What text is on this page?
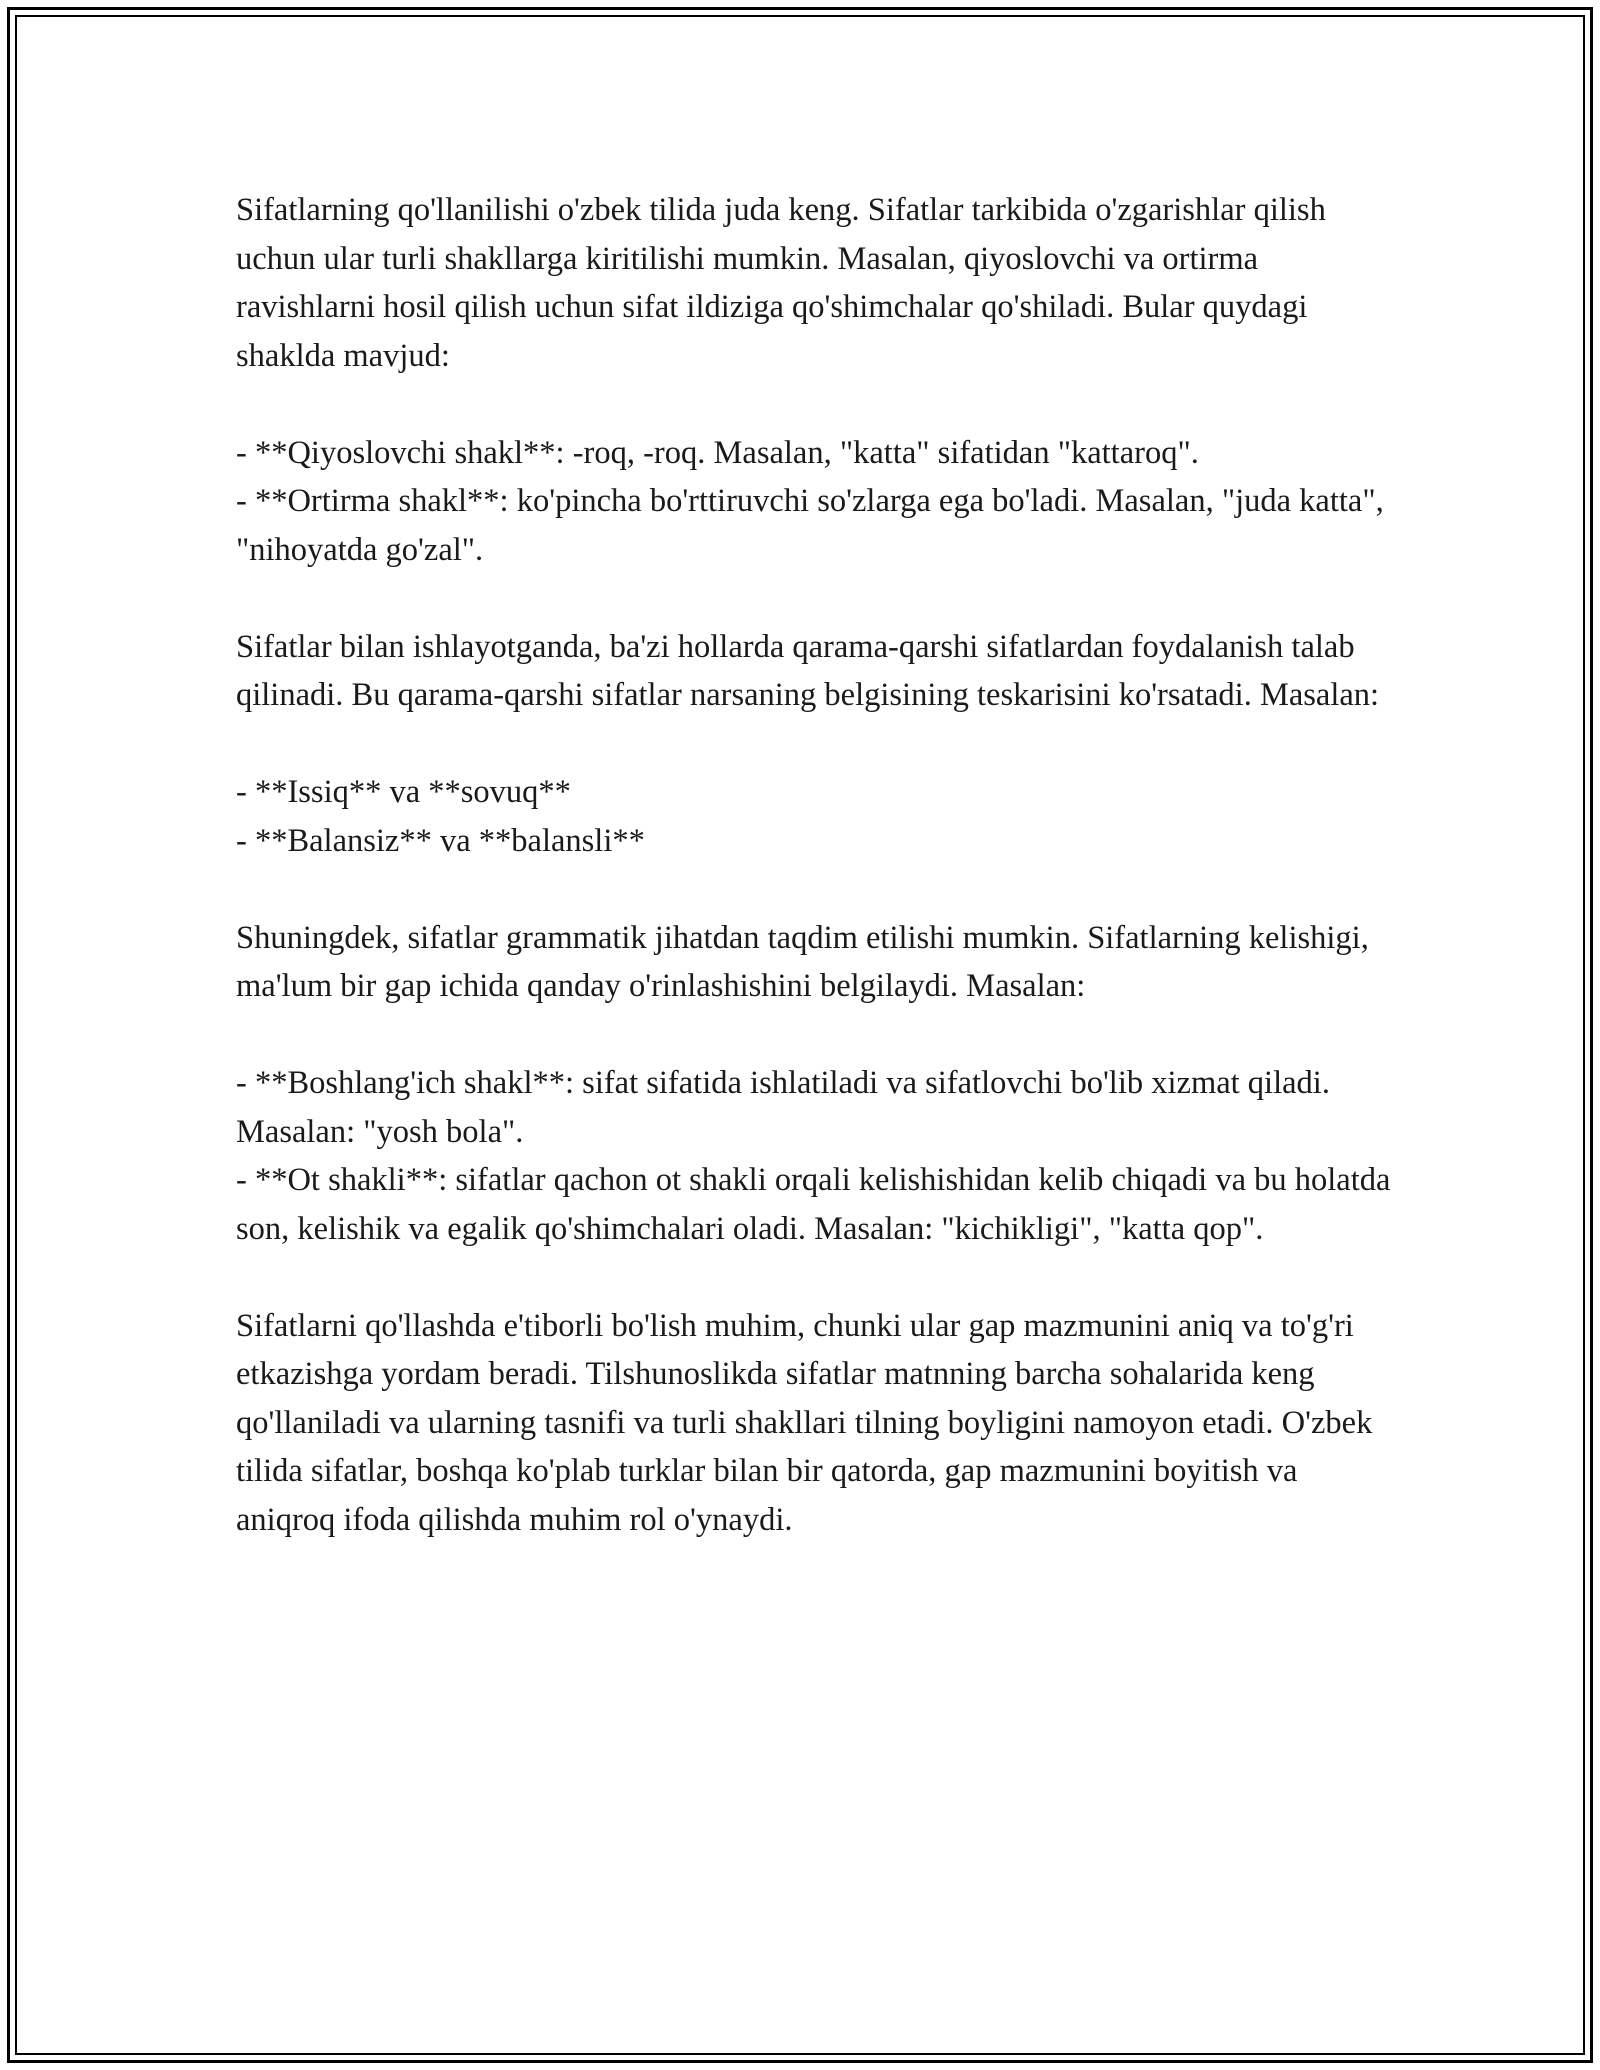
Sifatlarning qo'llanilishi o'zbek tilida juda keng. Sifatlar tarkibida o'zgarishlar qilish uchun ular turli shakllarga kiritilishi mumkin. Masalan, qiyoslovchi va ortirma ravishlarni hosil qilish uchun sifat ildiziga qo'shimchalar qo'shiladi. Bular quydagi shaklda mavjud:

- **Qiyoslovchi shakl**: -roq, -roq. Masalan, "katta" sifatidan "kattaroq".
- **Ortirma shakl**: ko'pincha bo'rttiruvchi so'zlarga ega bo'ladi. Masalan, "juda katta", "nihoyatda go'zal".

Sifatlar bilan ishlayotganda, ba'zi hollarda qarama-qarshi sifatlardan foydalanish talab qilinadi. Bu qarama-qarshi sifatlar narsaning belgisining teskarisini ko'rsatadi. Masalan:

- **Issiq** va **sovuq**
- **Balansiz** va **balansli**

Shuningdek, sifatlar grammatik jihatdan taqdim etilishi mumkin. Sifatlarning kelishigi, ma'lum bir gap ichida qanday o'rinlashishini belgilaydi. Masalan:

- **Boshlang'ich shakl**: sifat sifatida ishlatiladi va sifatlovchi bo'lib xizmat qiladi. Masalan: "yosh bola".
- **Ot shakli**: sifatlar qachon ot shakli orqali kelishishidan kelib chiqadi va bu holatda son, kelishik va egalik qo'shimchalari oladi. Masalan: "kichikligi", "katta qop".

Sifatlarni qo'llashda e'tiborli bo'lish muhim, chunki ular gap mazmunini aniq va to'g'ri etkazishga yordam beradi. Tilshunoslikda sifatlar matnning barcha sohalarida keng qo'llaniladi va ularning tasnifi va turli shakllari tilning boyligini namoyon etadi. O'zbek tilida sifatlar, boshqa ko'plab turklar bilan bir qatorda, gap mazmunini boyitish va aniqroq ifoda qilishda muhim rol o'ynaydi.
